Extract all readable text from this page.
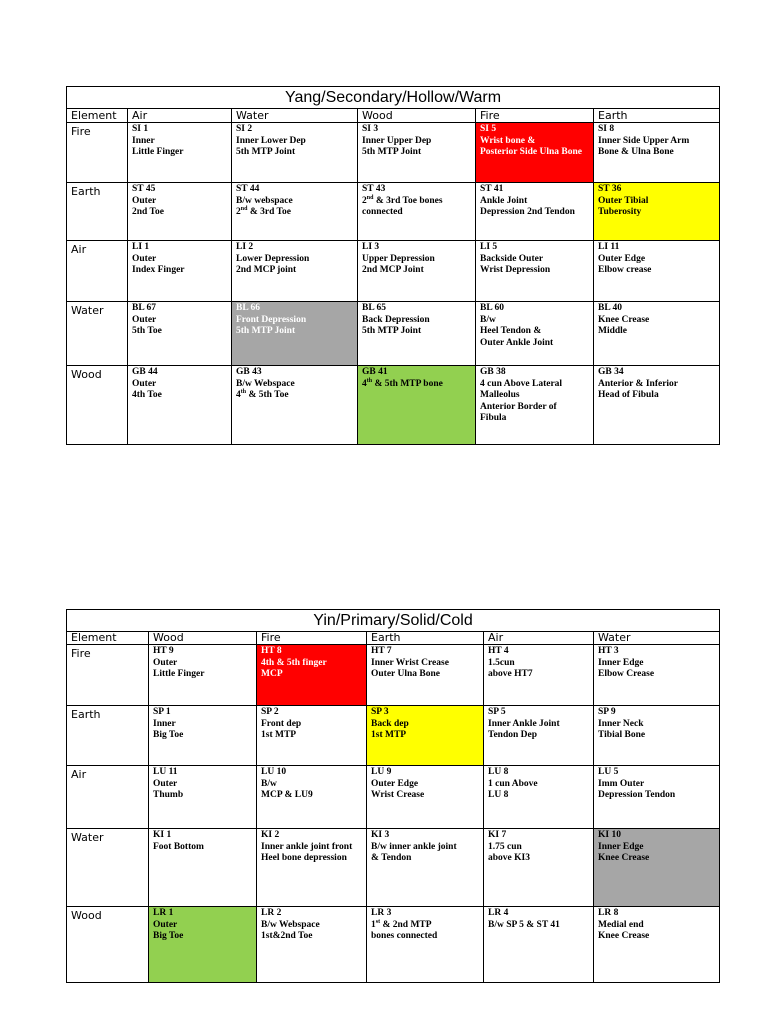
Yang/Secondary/Hollow/Warm					
Element	Air	Water	Wood	Fire	Earth
Fire	SI 1
Inner
Little Finger	SI 2
Inner Lower Dep
5th MTP Joint	SI 3
Inner Upper Dep
5th MTP Joint	SI 5
Wrist bone &
Posterior Side Ulna Bone	SI 8
Inner Side Upper Arm
Bone & Ulna Bone

Earth	ST 45
Outer
2nd Toe	ST 44
B/w webspace
2nd & 3rd Toe	ST 43
2nd & 3rd Toe bones
connected	ST 41
Ankle Joint
Depression 2nd Tendon	ST 36
Outer Tibial
Tuberosity

Air	LI 1
Outer
Index Finger	LI 2
Lower Depression
2nd MCP joint	LI 3
Upper Depression
2nd MCP Joint	LI 5
Backside Outer
Wrist Depression	LI 11
Outer Edge
Elbow crease

Water	BL 67
Outer
5th Toe	BL 66
Front Depression
5th MTP Joint	BL 65
Back Depression
5th MTP Joint	BL 60
B/w
Heel Tendon &
Outer Ankle Joint	BL 40
Knee Crease
Middle

Wood	GB 44
Outer
4th Toe	GB 43
B/w Webspace
4th & 5th Toe	GB 41
4th & 5th MTP bone	GB 38
4 cun Above Lateral
Malleolus
Anterior Border of
Fibula	GB 34
Anterior & Inferior
Head of Fibula
Yin/Primary/Solid/Cold					
Element	Wood	Fire	Earth	Air	Water
Fire	HT 9
Outer
Little Finger	HT 8
4th & 5th finger
MCP	HT 7
Inner Wrist Crease
Outer Ulna Bone	HT 4
1.5cun
above HT7	HT 3
Inner Edge
Elbow Crease

Earth	SP 1
Inner
Big Toe	SP 2
Front dep
1st MTP	SP 3
Back dep
1st MTP	SP 5
Inner Ankle Joint
Tendon Dep	SP 9
Inner Neck
Tibial Bone

Air	LU 11
Outer
Thumb	LU 10
B/w
MCP & LU9	LU 9
Outer Edge
Wrist Crease	LU 8
1 cun Above
LU 8	LU 5
Imm Outer
Depression Tendon

Water	KI 1
Foot Bottom	KI 2
Inner ankle joint front
Heel bone depression	KI 3
B/w inner ankle joint
& Tendon	KI 7
1.75 cun
above KI3	KI 10
Inner Edge
Knee Crease

Wood	LR 1
Outer
Big Toe	LR 2
B/w Webspace
1st&2nd Toe	LR 3
1st & 2nd MTP
bones connected	LR 4
B/w SP 5 & ST 41	LR 8
Medial end
Knee Crease
